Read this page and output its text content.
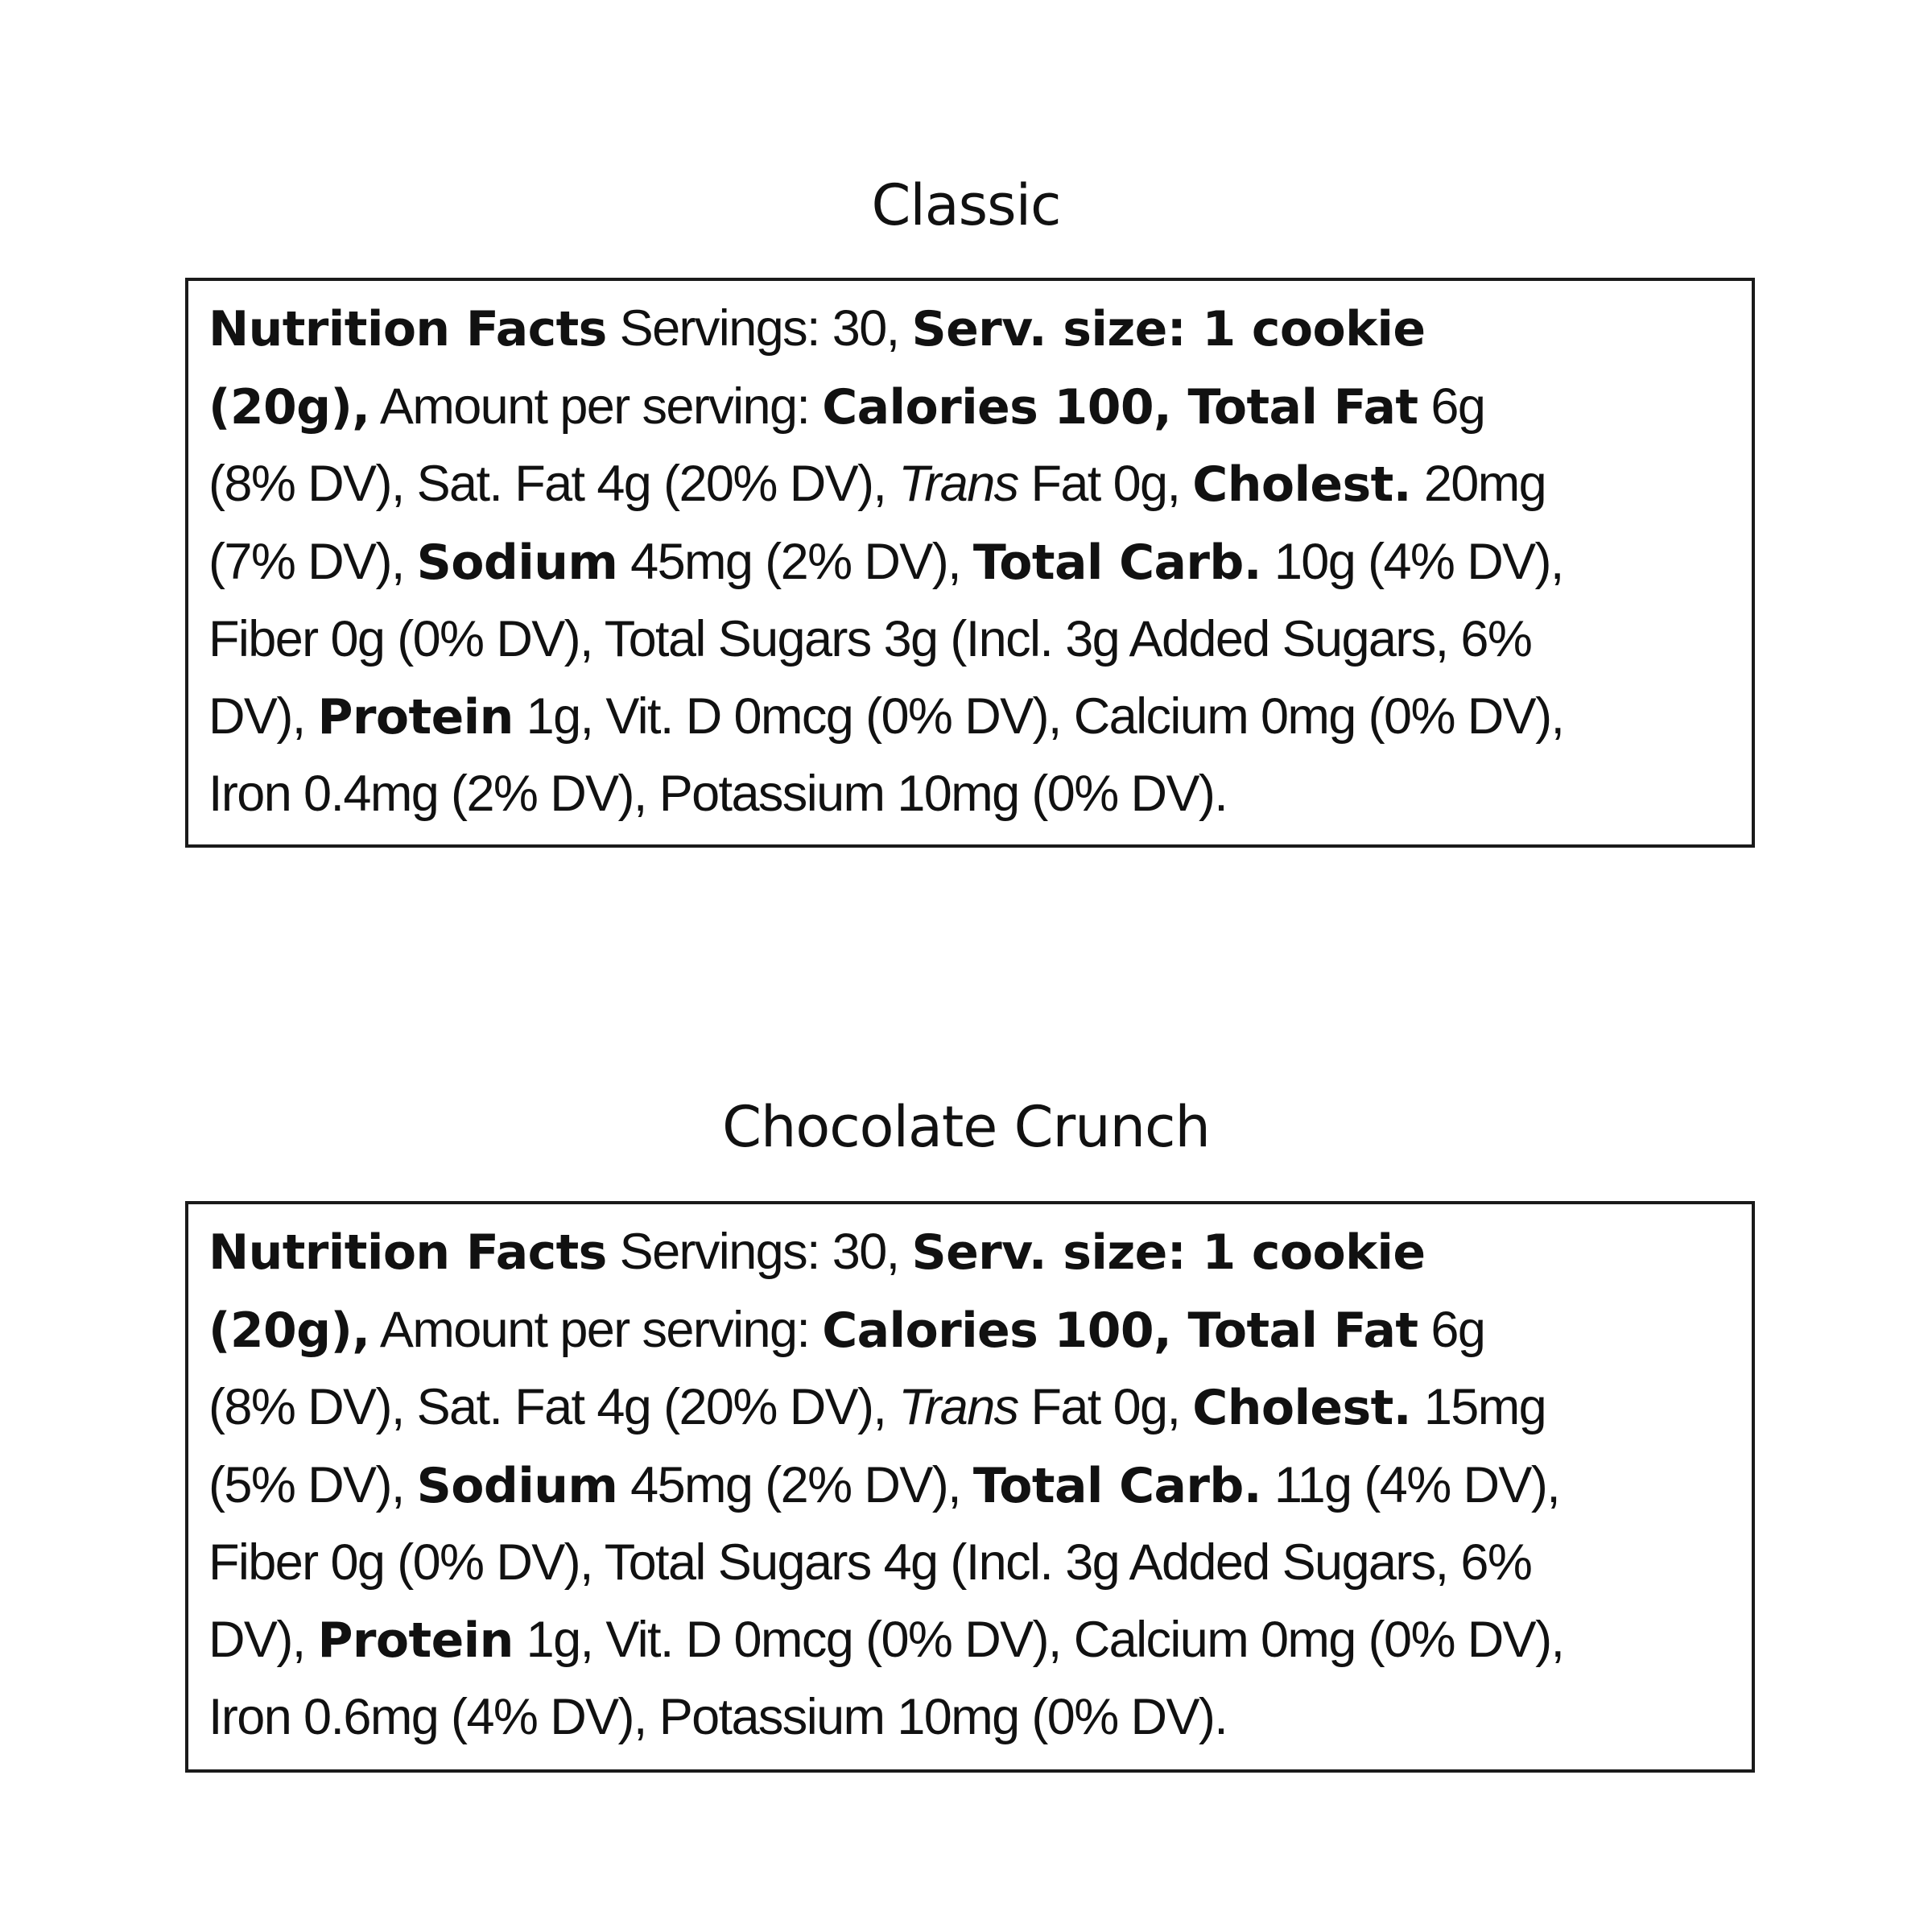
Classic
Nutrition Facts Servings: 30, Serv. size: 1 cookie
(20g), Amount per serving: Calories 100, Total Fat 6g
(8% DV), Sat. Fat 4g (20% DV), Trans Fat 0g, Cholest. 20mg
(7% DV), Sodium 45mg (2% DV), Total Carb. 10g (4% DV),
Fiber 0g (0% DV), Total Sugars 3g (Incl. 3g Added Sugars, 6%
DV), Protein 1g, Vit. D 0mcg (0% DV), Calcium 0mg (0% DV),
Iron 0.4mg (2% DV), Potassium 10mg (0% DV).
Chocolate Crunch
Nutrition Facts Servings: 30, Serv. size: 1 cookie
(20g), Amount per serving: Calories 100, Total Fat 6g
(8% DV), Sat. Fat 4g (20% DV), Trans Fat 0g, Cholest. 15mg
(5% DV), Sodium 45mg (2% DV), Total Carb. 11g (4% DV),
Fiber 0g (0% DV), Total Sugars 4g (Incl. 3g Added Sugars, 6%
DV), Protein 1g, Vit. D 0mcg (0% DV), Calcium 0mg (0% DV),
Iron 0.6mg (4% DV), Potassium 10mg (0% DV).
